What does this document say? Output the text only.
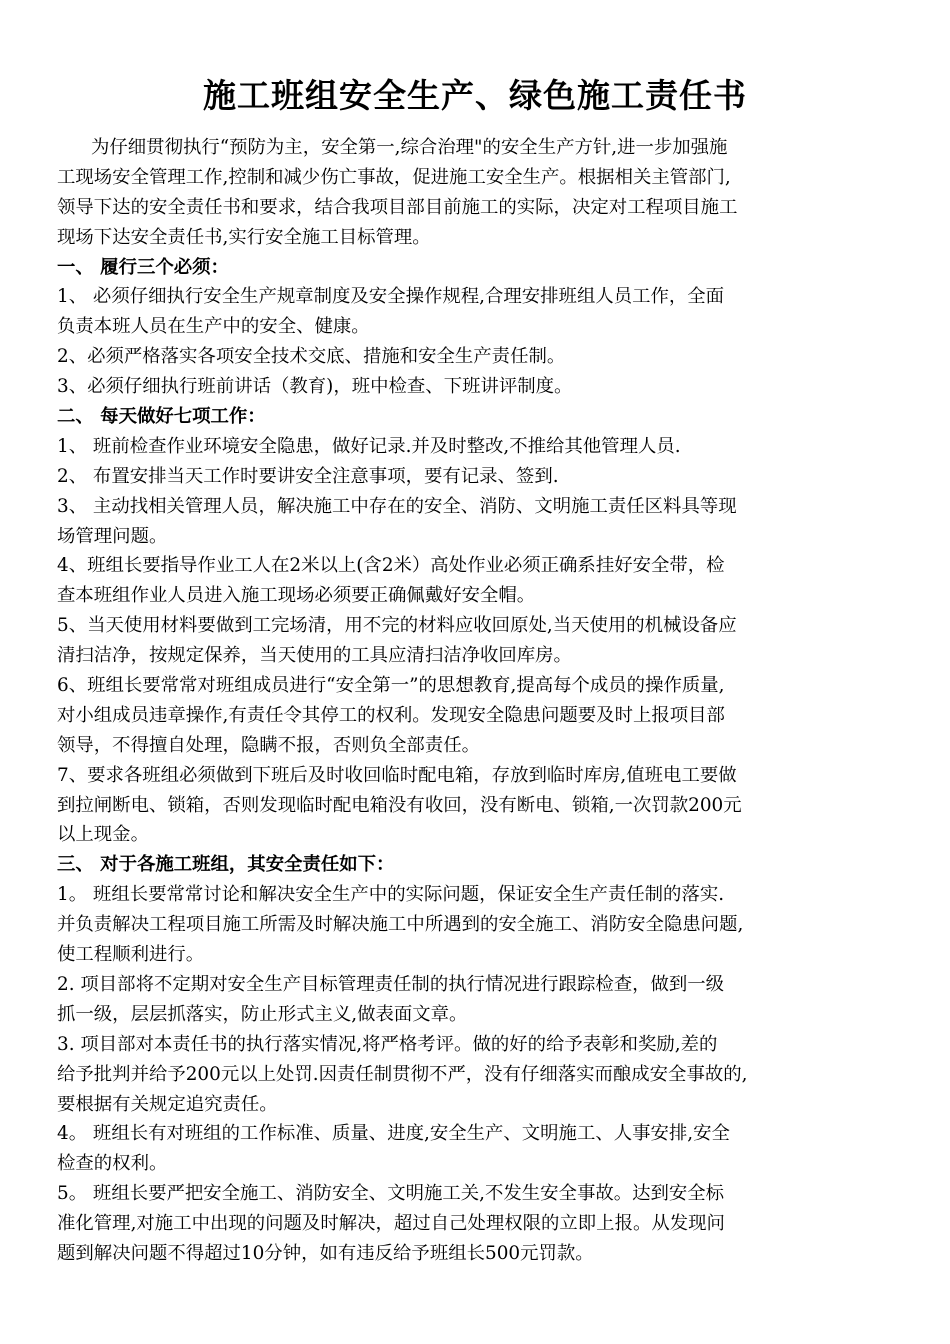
施工班组安全生产、绿色施工责任书
为仔细贯彻执行“预防为主，安全第一,综合治理"的安全生产方针,进一步加强施
工现场安全管理工作,控制和减少伤亡事故，促进施工安全生产。根据相关主管部门,
领导下达的安全责任书和要求，结合我项目部目前施工的实际，决定对工程项目施工
现场下达安全责任书,实行安全施工目标管理。
一、 履行三个必须：
1、 必须仔细执行安全生产规章制度及安全操作规程,合理安排班组人员工作，全面
负责本班人员在生产中的安全、健康。
2、必须严格落实各项安全技术交底、措施和安全生产责任制。
3、必须仔细执行班前讲话（教育)，班中检查、下班讲评制度。
二、 每天做好七项工作：
1、 班前检查作业环境安全隐患，做好记录.并及时整改,不推给其他管理人员.
2、 布置安排当天工作时要讲安全注意事项，要有记录、签到.
3、 主动找相关管理人员，解决施工中存在的安全、消防、文明施工责任区料具等现
场管理问题。
4、班组长要指导作业工人在2米以上(含2米）高处作业必须正确系挂好安全带，检
查本班组作业人员进入施工现场必须要正确佩戴好安全帽。
5、当天使用材料要做到工完场清，用不完的材料应收回原处,当天使用的机械设备应
清扫洁净，按规定保养，当天使用的工具应清扫洁净收回库房。
6、班组长要常常对班组成员进行“安全第一”的思想教育,提高每个成员的操作质量,
对小组成员违章操作,有责任令其停工的权利。发现安全隐患问题要及时上报项目部
领导，不得擅自处理，隐瞒不报，否则负全部责任。
7、要求各班组必须做到下班后及时收回临时配电箱，存放到临时库房,值班电工要做
到拉闸断电、锁箱，否则发现临时配电箱没有收回，没有断电、锁箱,一次罚款200元
以上现金。
三、 对于各施工班组，其安全责任如下：
1。 班组长要常常讨论和解决安全生产中的实际问题，保证安全生产责任制的落实.
并负责解决工程项目施工所需及时解决施工中所遇到的安全施工、消防安全隐患问题,
使工程顺利进行。
2. 项目部将不定期对安全生产目标管理责任制的执行情况进行跟踪检查，做到一级
抓一级，层层抓落实，防止形式主义,做表面文章。
3. 项目部对本责任书的执行落实情况,将严格考评。做的好的给予表彰和奖励,差的
给予批判并给予200元以上处罚.因责任制贯彻不严，没有仔细落实而酿成安全事故的,
要根据有关规定追究责任。
4。 班组长有对班组的工作标准、质量、进度,安全生产、文明施工、人事安排,安全
检查的权利。
5。 班组长要严把安全施工、消防安全、文明施工关,不发生安全事故。达到安全标
准化管理,对施工中出现的问题及时解决，超过自己处理权限的立即上报。从发现问
题到解决问题不得超过10分钟，如有违反给予班组长500元罚款。
